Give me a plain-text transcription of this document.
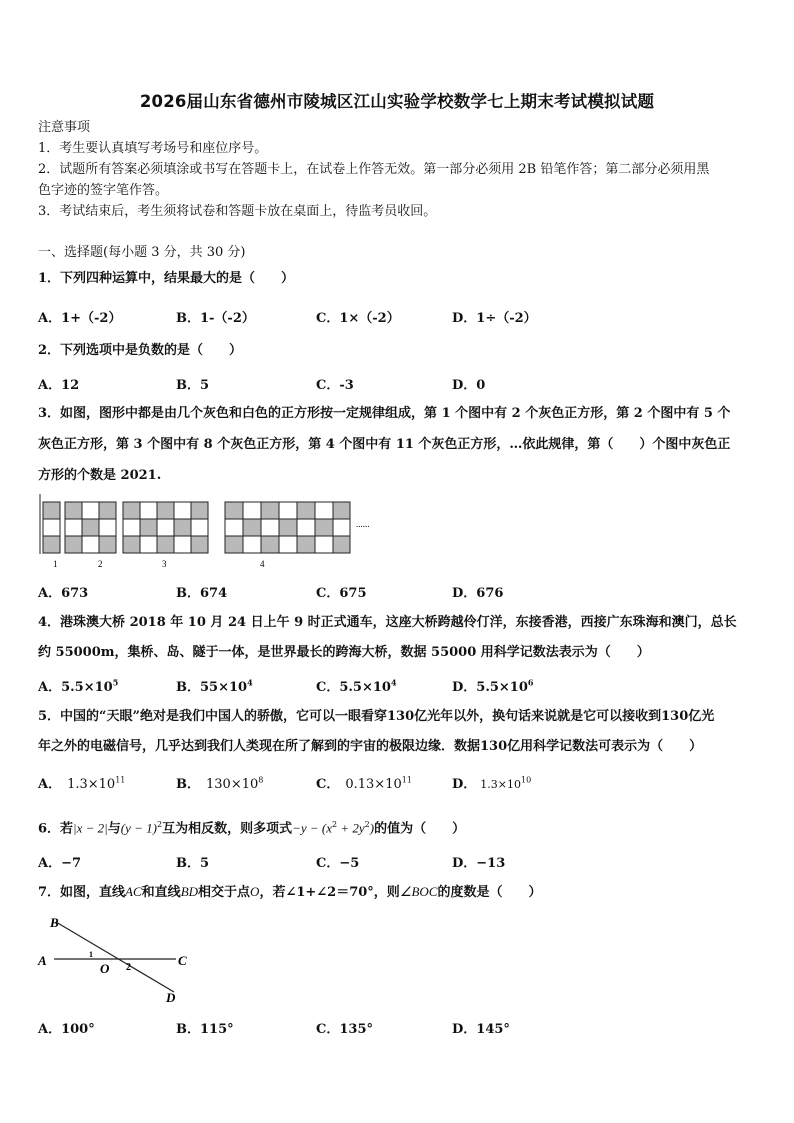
2026届山东省德州市陵城区江山实验学校数学七上期末考试模拟试题
注意事项
1．考生要认真填写考场号和座位序号。
2．试题所有答案必须填涂或书写在答题卡上，在试卷上作答无效。第一部分必须用 2B 铅笔作答；第二部分必须用黑
色字迹的签字笔作答。
3．考试结束后，考生须将试卷和答题卡放在桌面上，待监考员收回。
一、选择题(每小题 3 分，共 30 分)
1．下列四种运算中，结果最大的是（　　）
A．1+（-2）	B．1-（-2）	C．1×（-2）	D．1÷（-2）
2．下列选项中是负数的是（　　）
A．12	B．5	C．-3	D．0
3．如图，图形中都是由几个灰色和白色的正方形按一定规律组成，第 1 个图中有 2 个灰色正方形，第 2 个图中有 5 个
灰色正方形，第 3 个图中有 8 个灰色正方形，第 4 个图中有 11 个灰色正方形，…依此规律，第（　　）个图中灰色正
方形的个数是 2021.
1	2	3	4
......
A．673	B．674	C．675	D．676
4．港珠澳大桥 2018 年 10 月 24 日上午 9 时正式通车，这座大桥跨越伶仃洋，东接香港，西接广东珠海和澳门，总长
约 55000m，集桥、岛、隧于一体，是世界最长的跨海大桥，数据 55000 用科学记数法表示为（　　）
A．$5.5\times 10^5$	B．$55\times 10^4$	C．$5.5\times 10^4$	D．$5.5\times 10^6$
5．中国的“天眼”绝对是我们中国人的骄傲，它可以一眼看穿130亿光年以外，换句话来说就是它可以接收到130亿光
年之外的电磁信号，几乎达到我们人类现在所了解到的宇宙的极限边缘．数据130亿用科学记数法可表示为（　　）
A． $1.3\times 10^{11}$	B． $130\times 10^8$	C． $0.13\times 10^{11}$	D． $1.3\times 10^{10}$
6．若|x − 2|与$(y - 1)^2$互为相反数，则多项式$-y - (x^2 + 2y^2)$的值为（　　）
A．−7	B．5	C．−5	D．−13
7．如图，直线AC和直线BD相交于点O，若∠1+∠2＝70°，则∠BOC的度数是（　　）
B
A	1
O 2	C
D
A．100°	B．115°	C．135°	D．145°
